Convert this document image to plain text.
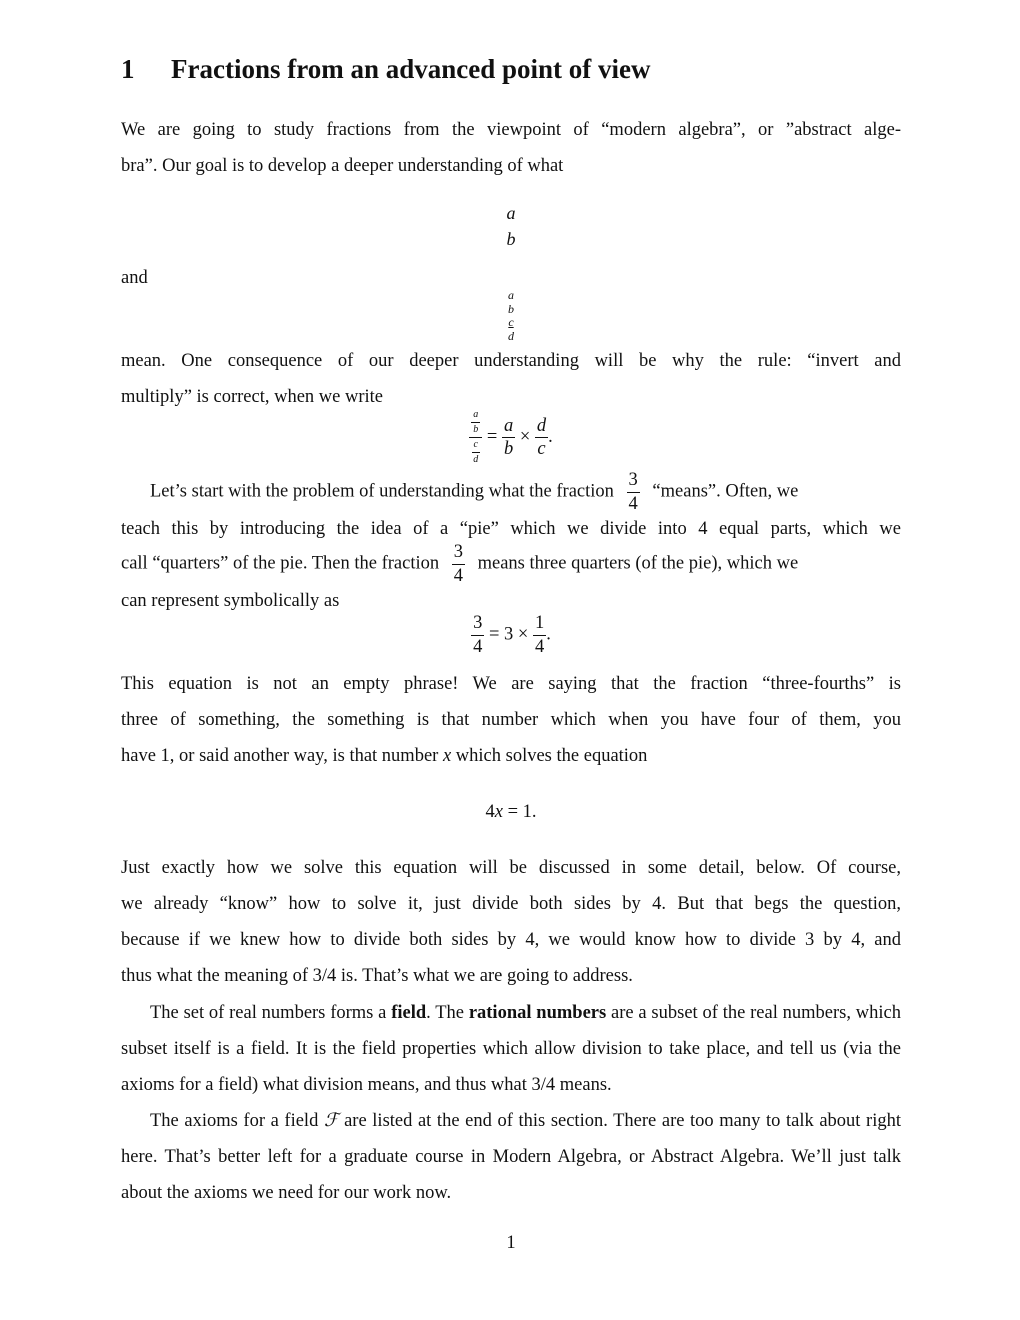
1 Fractions from an advanced point of view
We are going to study fractions from the viewpoint of “modern algebra”, or ”abstract alge-
bra”. Our goal is to develop a deeper understanding of what
a
b
and
a
b
c
d
mean. One consequence of our deeper understanding will be why the rule: “invert and
multiply” is correct, when we write
$\frac{\frac{a}{b}}{\frac{c}{d}} = \frac{a}{b} \times \frac{d}{c}$ .
Let’s start with the problem of understanding what the fraction $\frac{3}{4}$ “means”. Often, we
teach this by introducing the idea of a “pie” which we divide into 4 equal parts, which we
call “quarters” of the pie. Then the fraction $\frac{3}{4}$ means three quarters (of the pie), which we
can represent symbolically as
$\frac{3}{4} = 3 \times \frac{1}{4}$ .
This equation is not an empty phrase! We are saying that the fraction “three-fourths” is
three of something, the something is that number which when you have four of them, you
have 1, or said another way, is that number x which solves the equation
4x = 1.
Just exactly how we solve this equation will be discussed in some detail, below. Of course,
we already “know” how to solve it, just divide both sides by 4. But that begs the question,
because if we knew how to divide both sides by 4, we would know how to divide 3 by 4, and
thus what the meaning of 3/4 is. That’s what we are going to address.

The set of real numbers forms a field. The rational numbers are a subset of the real numbers, which subset itself is a field. It is the field properties which allow division to take place, and tell us (via the axioms for a field) what division means, and thus what 3/4 means.

The axioms for a field ℱ are listed at the end of this section. There are too many to talk about right here. That’s better left for a graduate course in Modern Algebra, or Abstract Algebra. We’ll just talk about the axioms we need for our work now.

1
